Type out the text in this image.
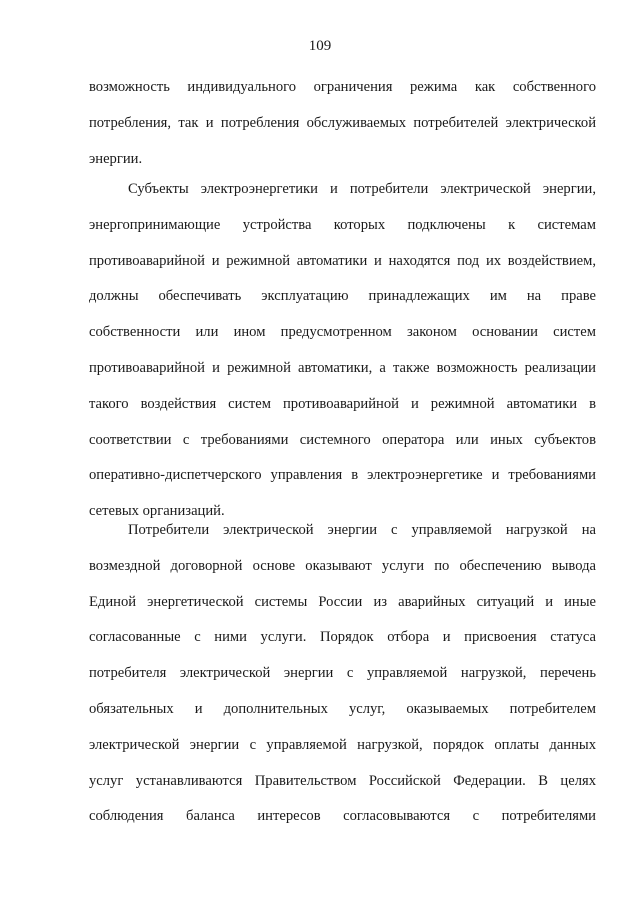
109
возможность индивидуального ограничения режима как собственного
потребления, так и потребления обслуживаемых потребителей электрической
энергии.
Субъекты электроэнергетики и потребители электрической энергии,
энергопринимающие устройства которых подключены к системам
противоаварийной и режимной автоматики и находятся под их воздействием,
должны обеспечивать эксплуатацию принадлежащих им на праве
собственности или ином предусмотренном законом основании систем
противоаварийной и режимной автоматики, а также возможность реализации
такого воздействия систем противоаварийной и режимной автоматики в
соответствии с требованиями системного оператора или иных субъектов
оперативно-диспетчерского управления в электроэнергетике и требованиями
сетевых организаций.
Потребители электрической энергии с управляемой нагрузкой на
возмездной договорной основе оказывают услуги по обеспечению вывода
Единой энергетической системы России из аварийных ситуаций и иные
согласованные с ними услуги. Порядок отбора и присвоения статуса
потребителя электрической энергии с управляемой нагрузкой, перечень
обязательных и дополнительных услуг, оказываемых потребителем
электрической энергии с управляемой нагрузкой, порядок оплаты данных
услуг устанавливаются Правительством Российской Федерации. В целях
соблюдения баланса интересов согласовываются с потребителями
